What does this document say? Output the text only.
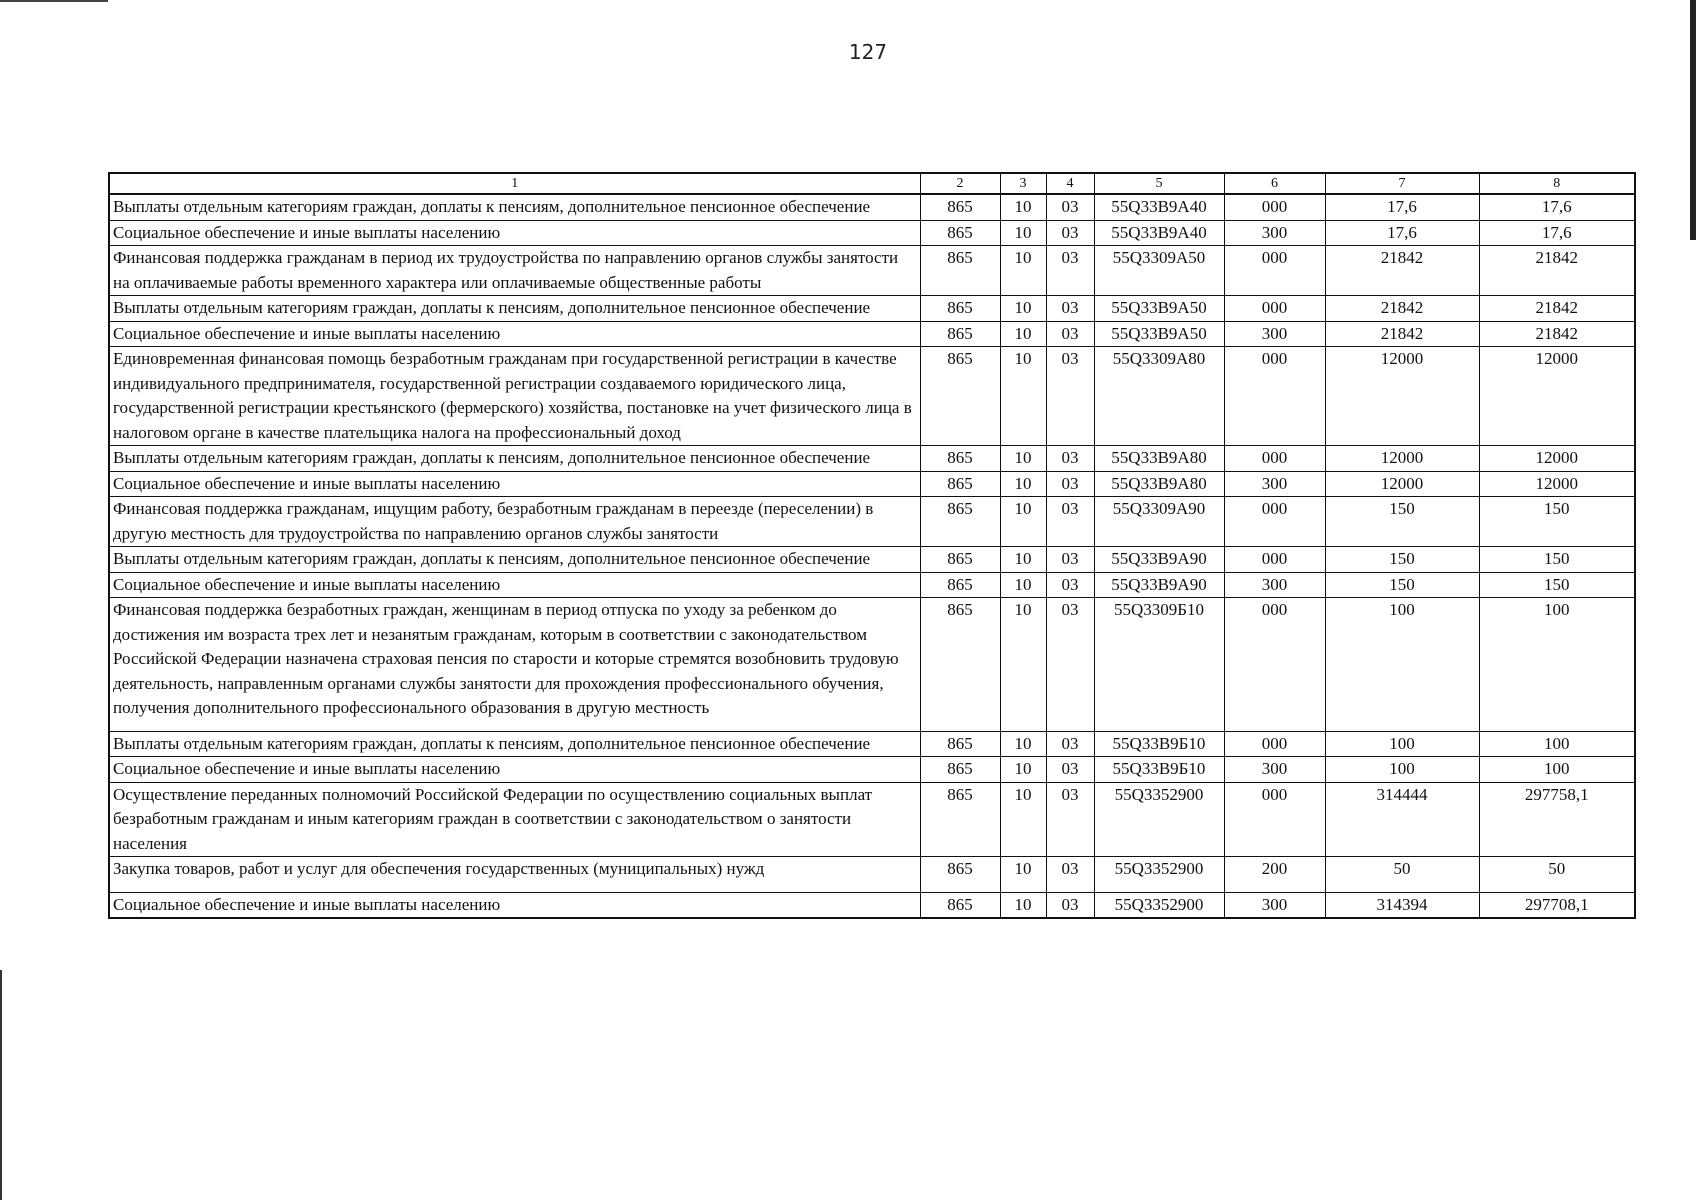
127
1	2	3	4	5	6	7	8
Выплаты отдельным категориям граждан, доплаты к пенсиям, дополнительное пенсионное обеспечение	865	10	03	55Q33B9A40	000	17,6	17,6
Социальное обеспечение и иные выплаты населению	865	10	03	55Q33B9A40	300	17,6	17,6
Финансовая поддержка гражданам в период их трудоустройства по направлению органов службы занятости на оплачиваемые работы временного характера или оплачиваемые общественные работы	865	10	03	55Q3309A50	000	21842	21842
Выплаты отдельным категориям граждан, доплаты к пенсиям, дополнительное пенсионное обеспечение	865	10	03	55Q33B9A50	000	21842	21842
Социальное обеспечение и иные выплаты населению	865	10	03	55Q33B9A50	300	21842	21842
Единовременная финансовая помощь безработным гражданам при государственной регистрации в качестве индивидуального предпринимателя, государственной регистрации создаваемого юридического лица, государственной регистрации крестьянского (фермерского) хозяйства, постановке на учет физического лица в налоговом органе в качестве плательщика налога на профессиональный доход	865	10	03	55Q3309A80	000	12000	12000
Выплаты отдельным категориям граждан, доплаты к пенсиям, дополнительное пенсионное обеспечение	865	10	03	55Q33B9A80	000	12000	12000
Социальное обеспечение и иные выплаты населению	865	10	03	55Q33B9A80	300	12000	12000
Финансовая поддержка гражданам, ищущим работу, безработным гражданам в переезде (переселении) в другую местность для трудоустройства по направлению органов службы занятости	865	10	03	55Q3309A90	000	150	150
Выплаты отдельным категориям граждан, доплаты к пенсиям, дополнительное пенсионное обеспечение	865	10	03	55Q33B9A90	000	150	150
Социальное обеспечение и иные выплаты населению	865	10	03	55Q33B9A90	300	150	150
Финансовая поддержка безработных граждан, женщинам в период отпуска по уходу за ребенком до достижения им возраста трех лет и незанятым гражданам, которым в соответствии с законодательством Российской Федерации назначена страховая пенсия по старости и которые стремятся возобновить трудовую деятельность, направленным органами службы занятости для прохождения профессионального обучения, получения дополнительного профессионального образования в другую местность	865	10	03	55Q3309Б10	000	100	100
Выплаты отдельным категориям граждан, доплаты к пенсиям, дополнительное пенсионное обеспечение	865	10	03	55Q33B9Б10	000	100	100
Социальное обеспечение и иные выплаты населению	865	10	03	55Q33B9Б10	300	100	100
Осуществление переданных полномочий Российской Федерации по осуществлению социальных выплат безработным гражданам и иным категориям граждан в соответствии с законодательством о занятости населения	865	10	03	55Q3352900	000	314444	297758,1
Закупка товаров, работ и услуг для обеспечения государственных (муниципальных) нужд	865	10	03	55Q3352900	200	50	50
Социальное обеспечение и иные выплаты населению	865	10	03	55Q3352900	300	314394	297708,1
